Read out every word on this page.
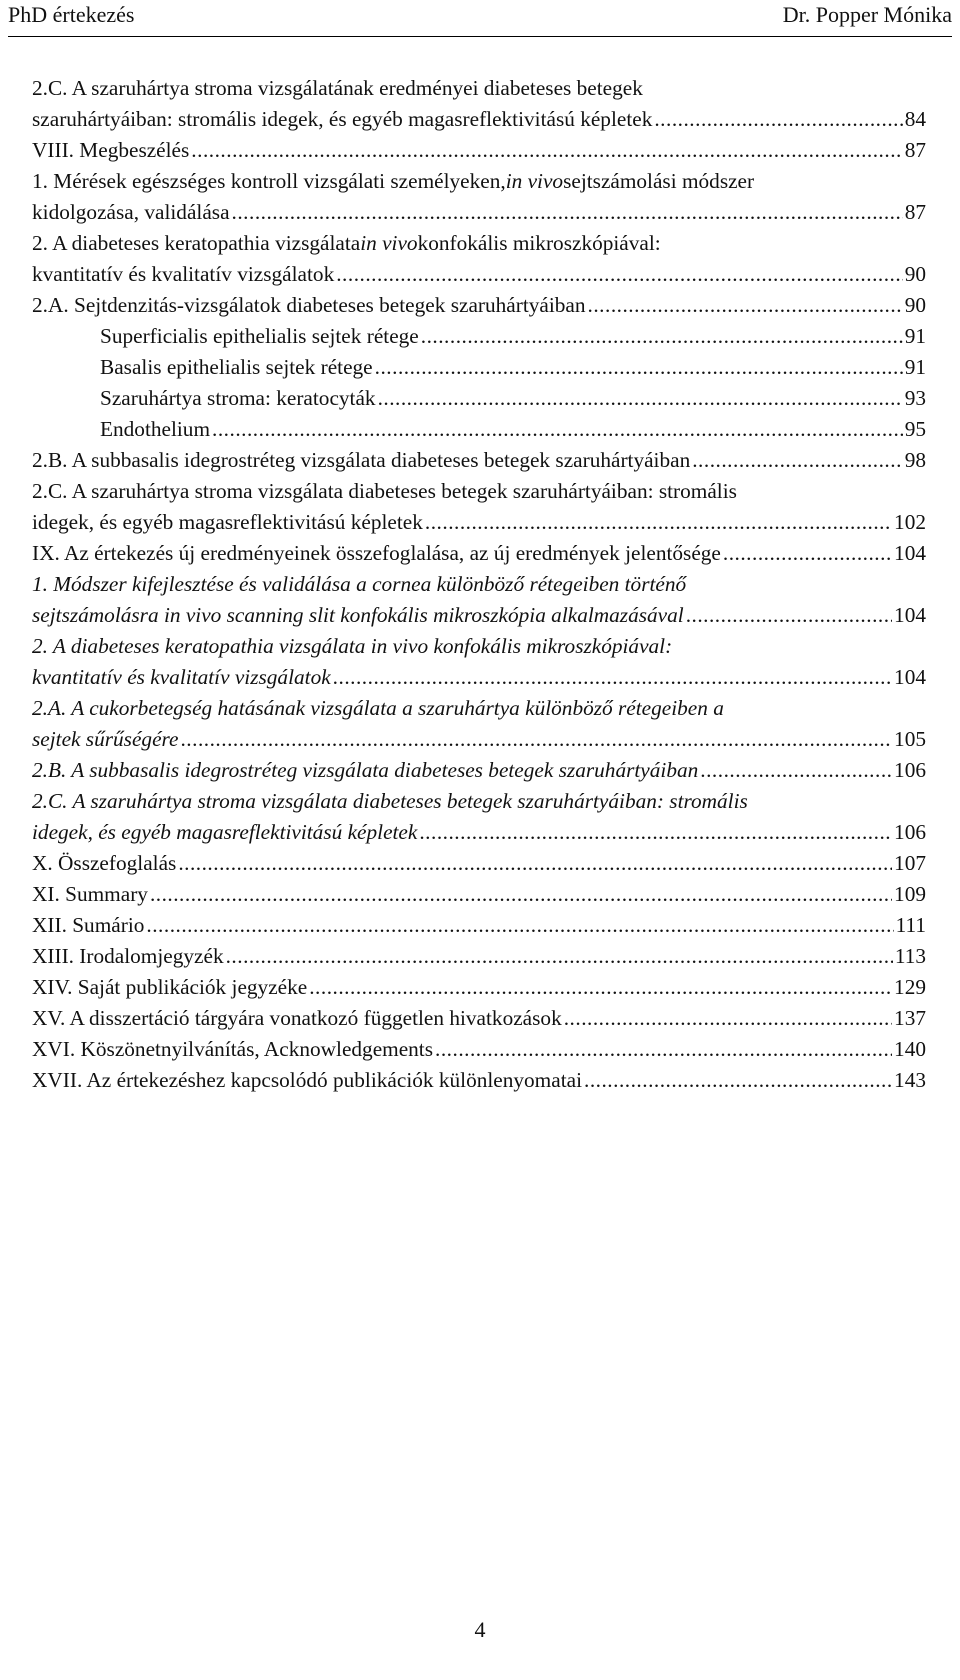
PhD értekezés	Dr. Popper Mónika
2.C. A szaruhártya stroma vizsgálatának eredményei diabeteses betegek
szaruhártyáiban: stromális idegek, és egyéb magasreflektivitású képletek .....	84
VIII. Megbeszélés .....	87
1. Mérések egészséges kontroll vizsgálati személyeken, in vivo sejtszámolási módszer
kidolgozása, validálása .....	87
2. A diabeteses keratopathia vizsgálata in vivo konfokális mikroszkópiával:
kvantitatív és kvalitatív vizsgálatok .....	90
2.A. Sejtdenzitás-vizsgálatok diabeteses betegek szaruhártyáiban .....	90
Superficialis epithelialis sejtek rétege .....	91
Basalis epithelialis sejtek rétege .....	91
Szaruhártya stroma: keratocyták .....	93
Endothelium .....	95
2.B. A subbasalis idegrostréteg vizsgálata diabeteses betegek szaruhártyáiban .....	98
2.C. A szaruhártya stroma vizsgálata diabeteses betegek szaruhártyáiban: stromális
idegek, és egyéb magasreflektivitású képletek .....	102
IX. Az értekezés új eredményeinek összefoglalása, az új eredmények jelentősége .....	104
1. Módszer kifejlesztése és validálása a cornea különböző rétegeiben történő
sejtszámolásra in vivo scanning slit konfokális mikroszkópia alkalmazásával .....	104
2. A diabeteses keratopathia vizsgálata in vivo konfokális mikroszkópiával:
kvantitatív és kvalitatív vizsgálatok .....	104
2.A. A cukorbetegség hatásának vizsgálata a szaruhártya különböző rétegeiben a
sejtek sűrűségére .....	105
2.B. A subbasalis idegrostréteg vizsgálata diabeteses betegek szaruhártyáiban .....	106
2.C. A szaruhártya stroma vizsgálata diabeteses betegek szaruhártyáiban: stromális
idegek, és egyéb magasreflektivitású képletek .....	106
X. Összefoglalás .....	107
XI. Summary .....	109
XII. Sumário .....	111
XIII. Irodalomjegyzék .....	113
XIV. Saját publikációk jegyzéke .....	129
XV. A disszertáció tárgyára vonatkozó független hivatkozások .....	137
XVI. Köszönetnyilvánítás, Acknowledgements .....	140
XVII. Az értekezéshez kapcsolódó publikációk különlenyomatai .....	143
4
